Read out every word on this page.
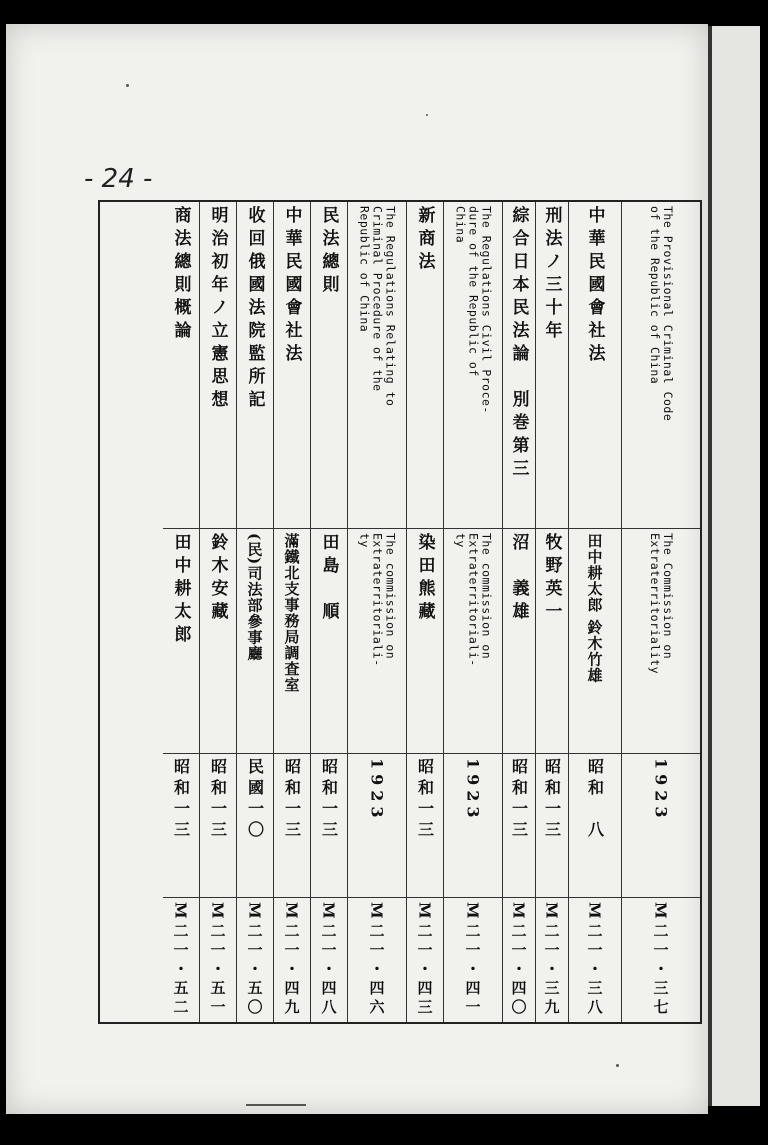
- 24 -
The Provisional Criminal Code
of the Republic of China
The Commission on
Extraterritoriality
1923
M二一・三七
中華民國會社法
田中耕太郎 鈴木竹雄
昭和　八
M二一・三八
刑法ノ三十年
牧野英一
昭和一三
M二一・三九
綜合日本民法論　別巻第三
沼　義雄
昭和一三
M二一・四〇
The Regulations Civil Proce-
dure of the Republic of
China
The commission on
Extraterritoriali-
ty
1923
M二一・四一
新商法
染田熊藏
昭和一三
M二一・四三
The Regulations Relating to
Criminal Procedure of the
Republic of China
The commission on
Extraterritoriali-
ty
1923
M二一・四六
民法總則
田島　順
昭和一三
M二一・四八
中華民國會社法
滿鐵北支事務局調査室
昭和一三
M二一・四九
收回俄國法院監所記
(民)司法部參事廳
民國一〇
M二一・五〇
明治初年ノ立憲思想
鈴木安藏
昭和一三
M二一・五一
商法總則概論
田中耕太郎
昭和一三
M二一・五二
